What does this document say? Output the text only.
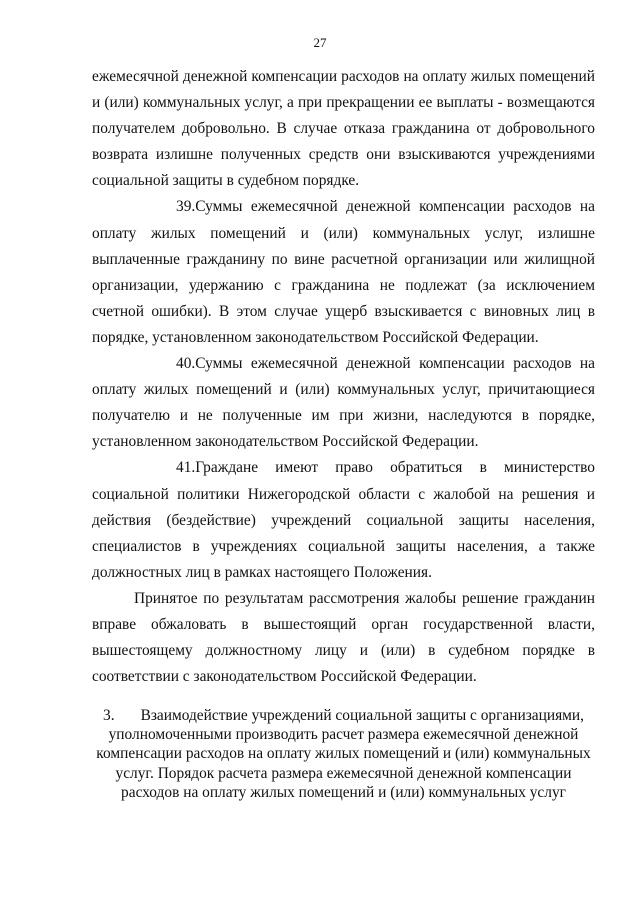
27

ежемесячной денежной компенсации расходов на оплату жилых помещений и (или) коммунальных услуг, а при прекращении ее выплаты - возмещаются получателем добровольно. В случае отказа гражданина от добровольного возврата излишне полученных средств они взыскиваются учреждениями социальной защиты в судебном порядке.

39.Суммы ежемесячной денежной компенсации расходов на оплату жилых помещений и (или) коммунальных услуг, излишне выплаченные гражданину по вине расчетной организации или жилищной организации, удержанию с гражданина не подлежат (за исключением счетной ошибки). В этом случае ущерб взыскивается с виновных лиц в порядке, установленном законодательством Российской Федерации.

40.Суммы ежемесячной денежной компенсации расходов на оплату жилых помещений и (или) коммунальных услуг, причитающиеся получателю и не полученные им при жизни, наследуются в порядке, установленном законодательством Российской Федерации.

41.Граждане имеют право обратиться в министерство социальной политики Нижегородской области с жалобой на решения и действия (бездействие) учреждений социальной защиты населения, специалистов в учреждениях социальной защиты населения, а также должностных лиц в рамках настоящего Положения.

Принятое по результатам рассмотрения жалобы решение гражданин вправе обжаловать в вышестоящий орган государственной власти, вышестоящему должностному лицу и (или) в судебном порядке в соответствии с законодательством Российской Федерации.

3. Взаимодействие учреждений социальной защиты с организациями, уполномоченными производить расчет размера ежемесячной денежной компенсации расходов на оплату жилых помещений и (или) коммунальных услуг. Порядок расчета размера ежемесячной денежной компенсации расходов на оплату жилых помещений и (или) коммунальных услуг
